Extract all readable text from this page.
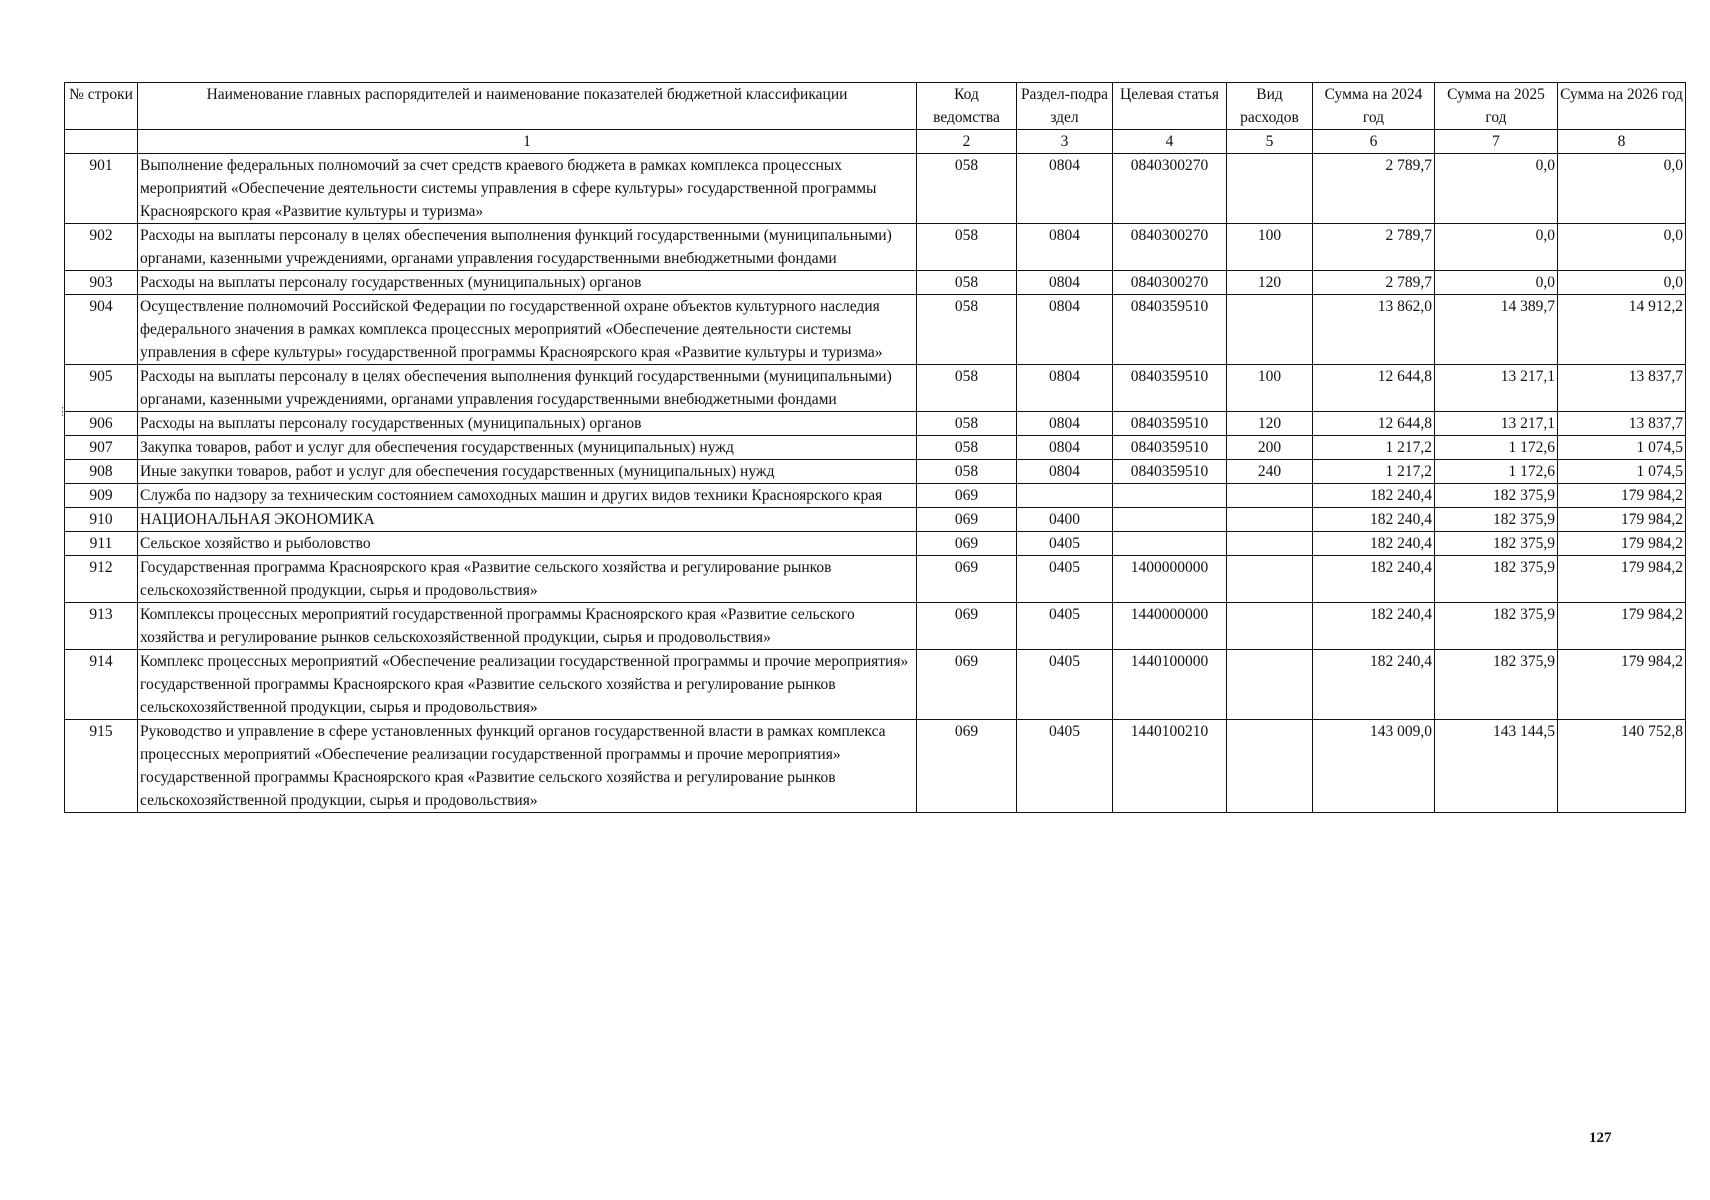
№ строки	Наименование главных распорядителей и наименование показателей бюджетной классификации	Код ведомства	Раздел-подраздел	Целевая статья	Вид расходов	Сумма на 2024 год	Сумма на 2025 год	Сумма на 2026 год
	1	2	3	4	5	6	7	8
901	Выполнение федеральных полномочий за счет средств краевого бюджета в рамках комплекса процессных мероприятий «Обеспечение деятельности системы управления в сфере культуры» государственной программы Красноярского края «Развитие культуры и туризма»	058	0804	0840300270		2 789,7	0,0	0,0
902	Расходы на выплаты персоналу в целях обеспечения выполнения функций государственными (муниципальными) органами, казенными учреждениями, органами управления государственными внебюджетными фондами	058	0804	0840300270	100	2 789,7	0,0	0,0
903	Расходы на выплаты персоналу государственных (муниципальных) органов	058	0804	0840300270	120	2 789,7	0,0	0,0
904	Осуществление полномочий Российской Федерации по государственной охране объектов культурного наследия федерального значения в рамках комплекса процессных мероприятий «Обеспечение деятельности системы управления в сфере культуры» государственной программы Красноярского края «Развитие культуры и туризма»	058	0804	0840359510		13 862,0	14 389,7	14 912,2
905	Расходы на выплаты персоналу в целях обеспечения выполнения функций государственными (муниципальными) органами, казенными учреждениями, органами управления государственными внебюджетными фондами	058	0804	0840359510	100	12 644,8	13 217,1	13 837,7
906	Расходы на выплаты персоналу государственных (муниципальных) органов	058	0804	0840359510	120	12 644,8	13 217,1	13 837,7
907	Закупка товаров, работ и услуг для обеспечения государственных (муниципальных) нужд	058	0804	0840359510	200	1 217,2	1 172,6	1 074,5
908	Иные закупки товаров, работ и услуг для обеспечения государственных (муниципальных) нужд	058	0804	0840359510	240	1 217,2	1 172,6	1 074,5
909	Служба по надзору за техническим состоянием самоходных машин и других видов техники Красноярского края	069				182 240,4	182 375,9	179 984,2
910	НАЦИОНАЛЬНАЯ ЭКОНОМИКА	069	0400			182 240,4	182 375,9	179 984,2
911	Сельское хозяйство и рыболовство	069	0405			182 240,4	182 375,9	179 984,2
912	Государственная программа Красноярского края «Развитие сельского хозяйства и регулирование рынков сельскохозяйственной продукции, сырья и продовольствия»	069	0405	1400000000		182 240,4	182 375,9	179 984,2
913	Комплексы процессных мероприятий государственной программы Красноярского края «Развитие сельского хозяйства и регулирование рынков сельскохозяйственной продукции, сырья и продовольствия»	069	0405	1440000000		182 240,4	182 375,9	179 984,2
914	Комплекс процессных мероприятий «Обеспечение реализации государственной программы и прочие мероприятия» государственной программы Красноярского края «Развитие сельского хозяйства и регулирование рынков сельскохозяйственной продукции, сырья и продовольствия»	069	0405	1440100000		182 240,4	182 375,9	179 984,2
915	Руководство и управление в сфере установленных функций органов государственной власти в рамках комплекса процессных мероприятий «Обеспечение реализации государственной программы и прочие мероприятия» государственной программы Красноярского края «Развитие сельского хозяйства и регулирование рынков сельскохозяйственной продукции, сырья и продовольствия»	069	0405	1440100210		143 009,0	143 144,5	140 752,8
⋮
127
